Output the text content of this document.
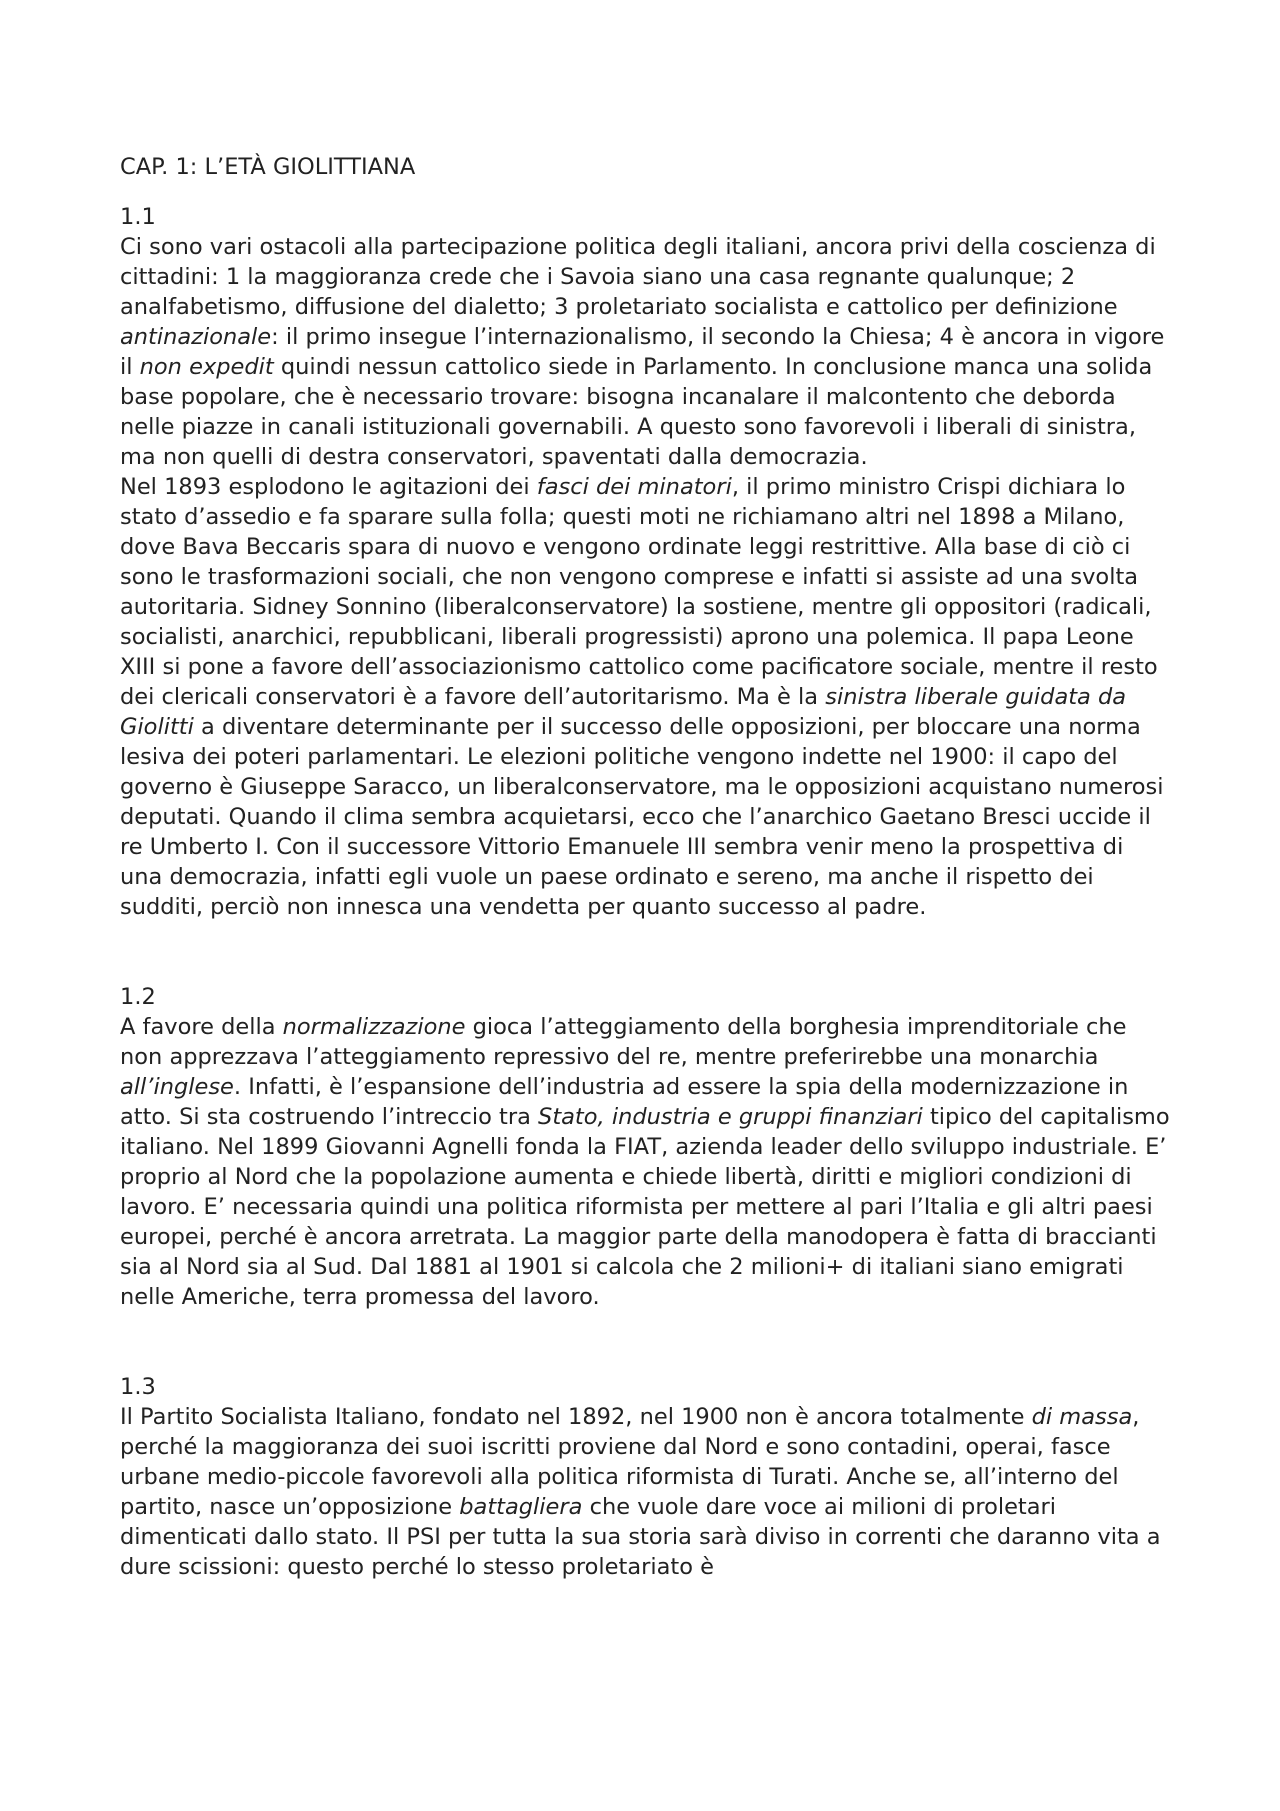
CAP. 1: L’ETÀ GIOLITTIANA

1.1

Ci sono vari ostacoli alla partecipazione politica degli italiani, ancora privi della coscienza di cittadini: 1 la maggioranza crede che i Savoia siano una casa regnante qualunque; 2 analfabetismo, diffusione del dialetto; 3 proletariato socialista e cattolico per definizione antinazionale: il primo insegue l’internazionalismo, il secondo la Chiesa; 4 è ancora in vigore il non expedit quindi nessun cattolico siede in Parlamento. In conclusione manca una solida base popolare, che è necessario trovare: bisogna incanalare il malcontento che deborda nelle piazze in canali istituzionali governabili. A questo sono favorevoli i liberali di sinistra, ma non quelli di destra conservatori, spaventati dalla democrazia.

Nel 1893 esplodono le agitazioni dei fasci dei minatori, il primo ministro Crispi dichiara lo stato d’assedio e fa sparare sulla folla; questi moti ne richiamano altri nel 1898 a Milano, dove Bava Beccaris spara di nuovo e vengono ordinate leggi restrittive. Alla base di ciò ci sono le trasformazioni sociali, che non vengono comprese e infatti si assiste ad una svolta autoritaria. Sidney Sonnino (liberalconservatore) la sostiene, mentre gli oppositori (radicali, socialisti, anarchici, repubblicani, liberali progressisti) aprono una polemica. Il papa Leone XIII si pone a favore dell’associazionismo cattolico come pacificatore sociale, mentre il resto dei clericali conservatori è a favore dell’autoritarismo. Ma è la sinistra liberale guidata da Giolitti a diventare determinante per il successo delle opposizioni, per bloccare una norma lesiva dei poteri parlamentari. Le elezioni politiche vengono indette nel 1900: il capo del governo è Giuseppe Saracco, un liberalconservatore, ma le opposizioni acquistano numerosi deputati. Quando il clima sembra acquietarsi, ecco che l’anarchico Gaetano Bresci uccide il re Umberto I. Con il successore Vittorio Emanuele III sembra venir meno la prospettiva di una democrazia, infatti egli vuole un paese ordinato e sereno, ma anche il rispetto dei sudditi, perciò non innesca una vendetta per quanto successo al padre.

1.2

A favore della normalizzazione gioca l’atteggiamento della borghesia imprenditoriale che non apprezzava l’atteggiamento repressivo del re, mentre preferirebbe una monarchia all’inglese. Infatti, è l’espansione dell’industria ad essere la spia della modernizzazione in atto. Si sta costruendo l’intreccio tra Stato, industria e gruppi finanziari tipico del capitalismo italiano. Nel 1899 Giovanni Agnelli fonda la FIAT, azienda leader dello sviluppo industriale. E’ proprio al Nord che la popolazione aumenta e chiede libertà, diritti e migliori condizioni di lavoro. E’ necessaria quindi una politica riformista per mettere al pari l’Italia e gli altri paesi europei, perché è ancora arretrata. La maggior parte della manodopera è fatta di braccianti sia al Nord sia al Sud. Dal 1881 al 1901 si calcola che 2 milioni+ di italiani siano emigrati nelle Americhe, terra promessa del lavoro.

1.3

Il Partito Socialista Italiano, fondato nel 1892, nel 1900 non è ancora totalmente di massa, perché la maggioranza dei suoi iscritti proviene dal Nord e sono contadini, operai, fasce urbane medio-piccole favorevoli alla politica riformista di Turati. Anche se, all’interno del partito, nasce un’opposizione battagliera che vuole dare voce ai milioni di proletari dimenticati dallo stato. Il PSI per tutta la sua storia sarà diviso in correnti che daranno vita a dure scissioni: questo perché lo stesso proletariato è
